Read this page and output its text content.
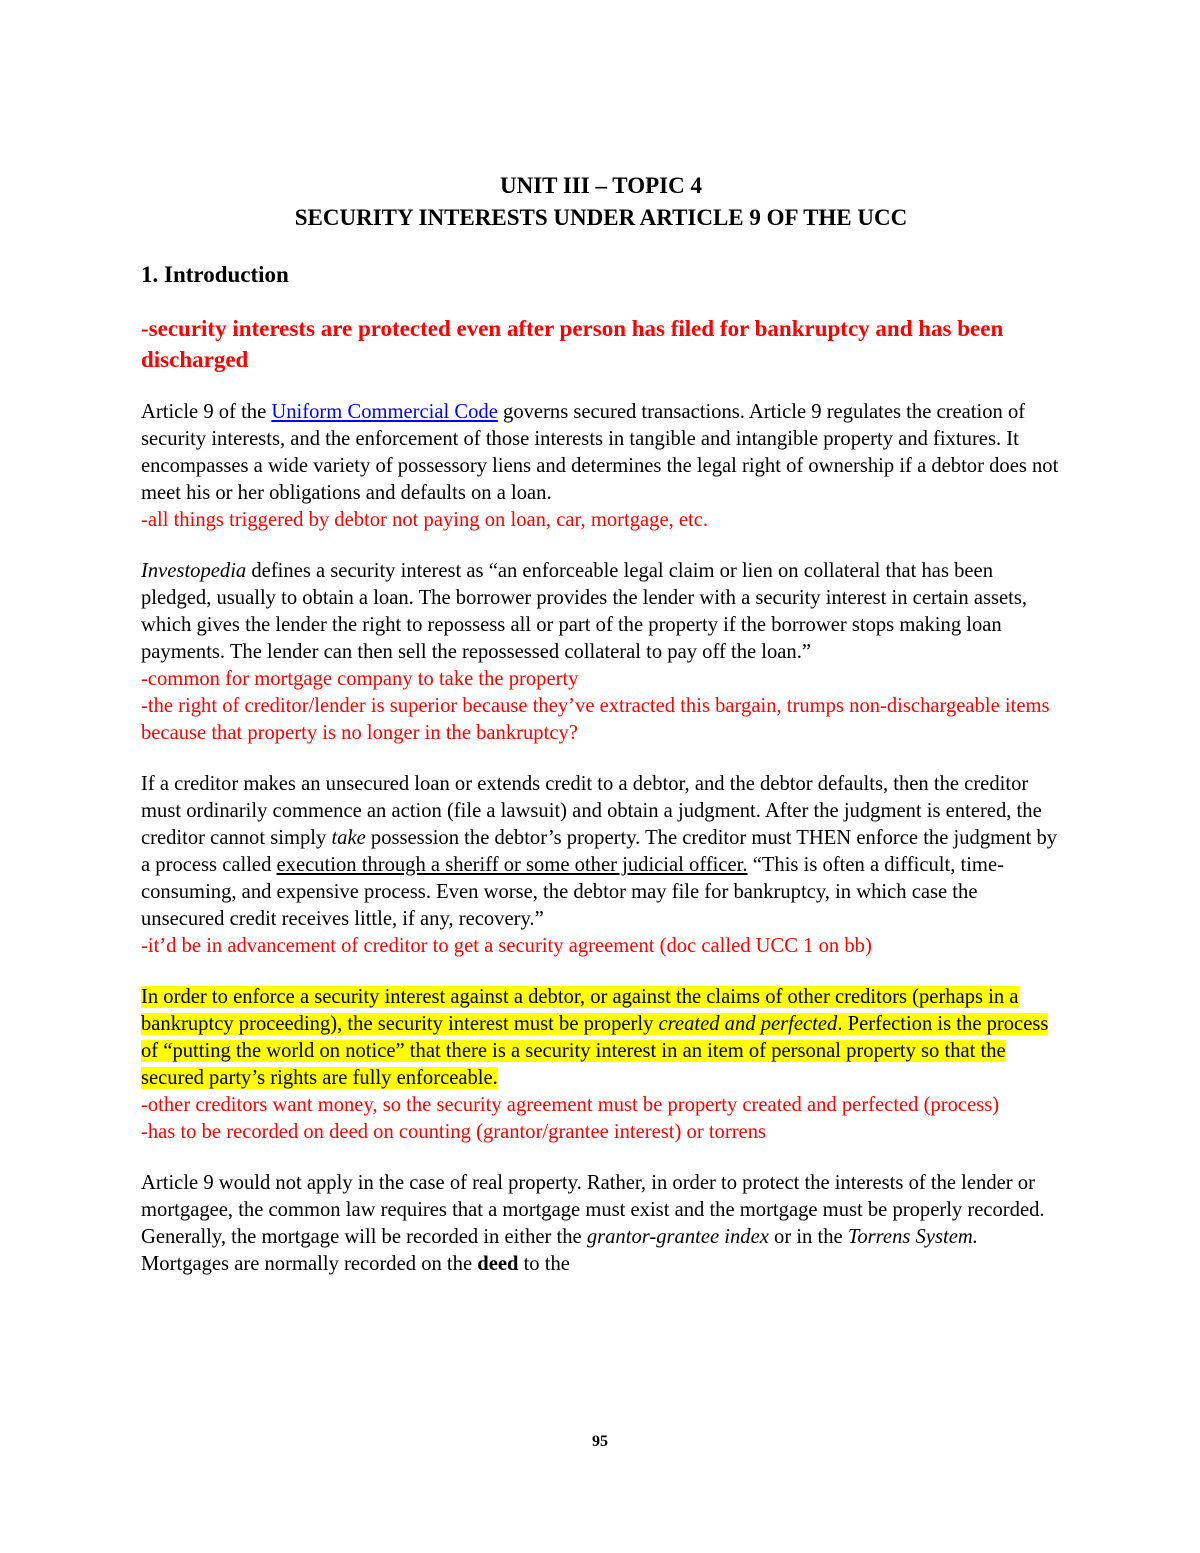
UNIT III – TOPIC 4

SECURITY INTERESTS UNDER ARTICLE 9 OF THE UCC

1. Introduction

-security interests are protected even after person has filed for bankruptcy and has been discharged

Article 9 of the Uniform Commercial Code governs secured transactions. Article 9 regulates the creation of security interests, and the enforcement of those interests in tangible and intangible property and fixtures. It encompasses a wide variety of possessory liens and determines the legal right of ownership if a debtor does not meet his or her obligations and defaults on a loan.

-all things triggered by debtor not paying on loan, car, mortgage, etc.

Investopedia defines a security interest as “an enforceable legal claim or lien on collateral that has been pledged, usually to obtain a loan. The borrower provides the lender with a security interest in certain assets, which gives the lender the right to repossess all or part of the property if the borrower stops making loan payments. The lender can then sell the repossessed collateral to pay off the loan.”

-common for mortgage company to take the property

-the right of creditor/lender is superior because they’ve extracted this bargain, trumps non-dischargeable items because that property is no longer in the bankruptcy?

If a creditor makes an unsecured loan or extends credit to a debtor, and the debtor defaults, then the creditor must ordinarily commence an action (file a lawsuit) and obtain a judgment. After the judgment is entered, the creditor cannot simply take possession the debtor’s property. The creditor must THEN enforce the judgment by a process called execution through a sheriff or some other judicial officer. “This is often a difficult, time-consuming, and expensive process. Even worse, the debtor may file for bankruptcy, in which case the unsecured credit receives little, if any, recovery.”

-it’d be in advancement of creditor to get a security agreement (doc called UCC 1 on bb)

In order to enforce a security interest against a debtor, or against the claims of other creditors (perhaps in a bankruptcy proceeding), the security interest must be properly created and perfected. Perfection is the process of “putting the world on notice” that there is a security interest in an item of personal property so that the secured party’s rights are fully enforceable.

-other creditors want money, so the security agreement must be property created and perfected (process)

-has to be recorded on deed on counting (grantor/grantee interest) or torrens

Article 9 would not apply in the case of real property. Rather, in order to protect the interests of the lender or mortgagee, the common law requires that a mortgage must exist and the mortgage must be properly recorded. Generally, the mortgage will be recorded in either the grantor-grantee index or in the Torrens System. Mortgages are normally recorded on the deed to the

95
